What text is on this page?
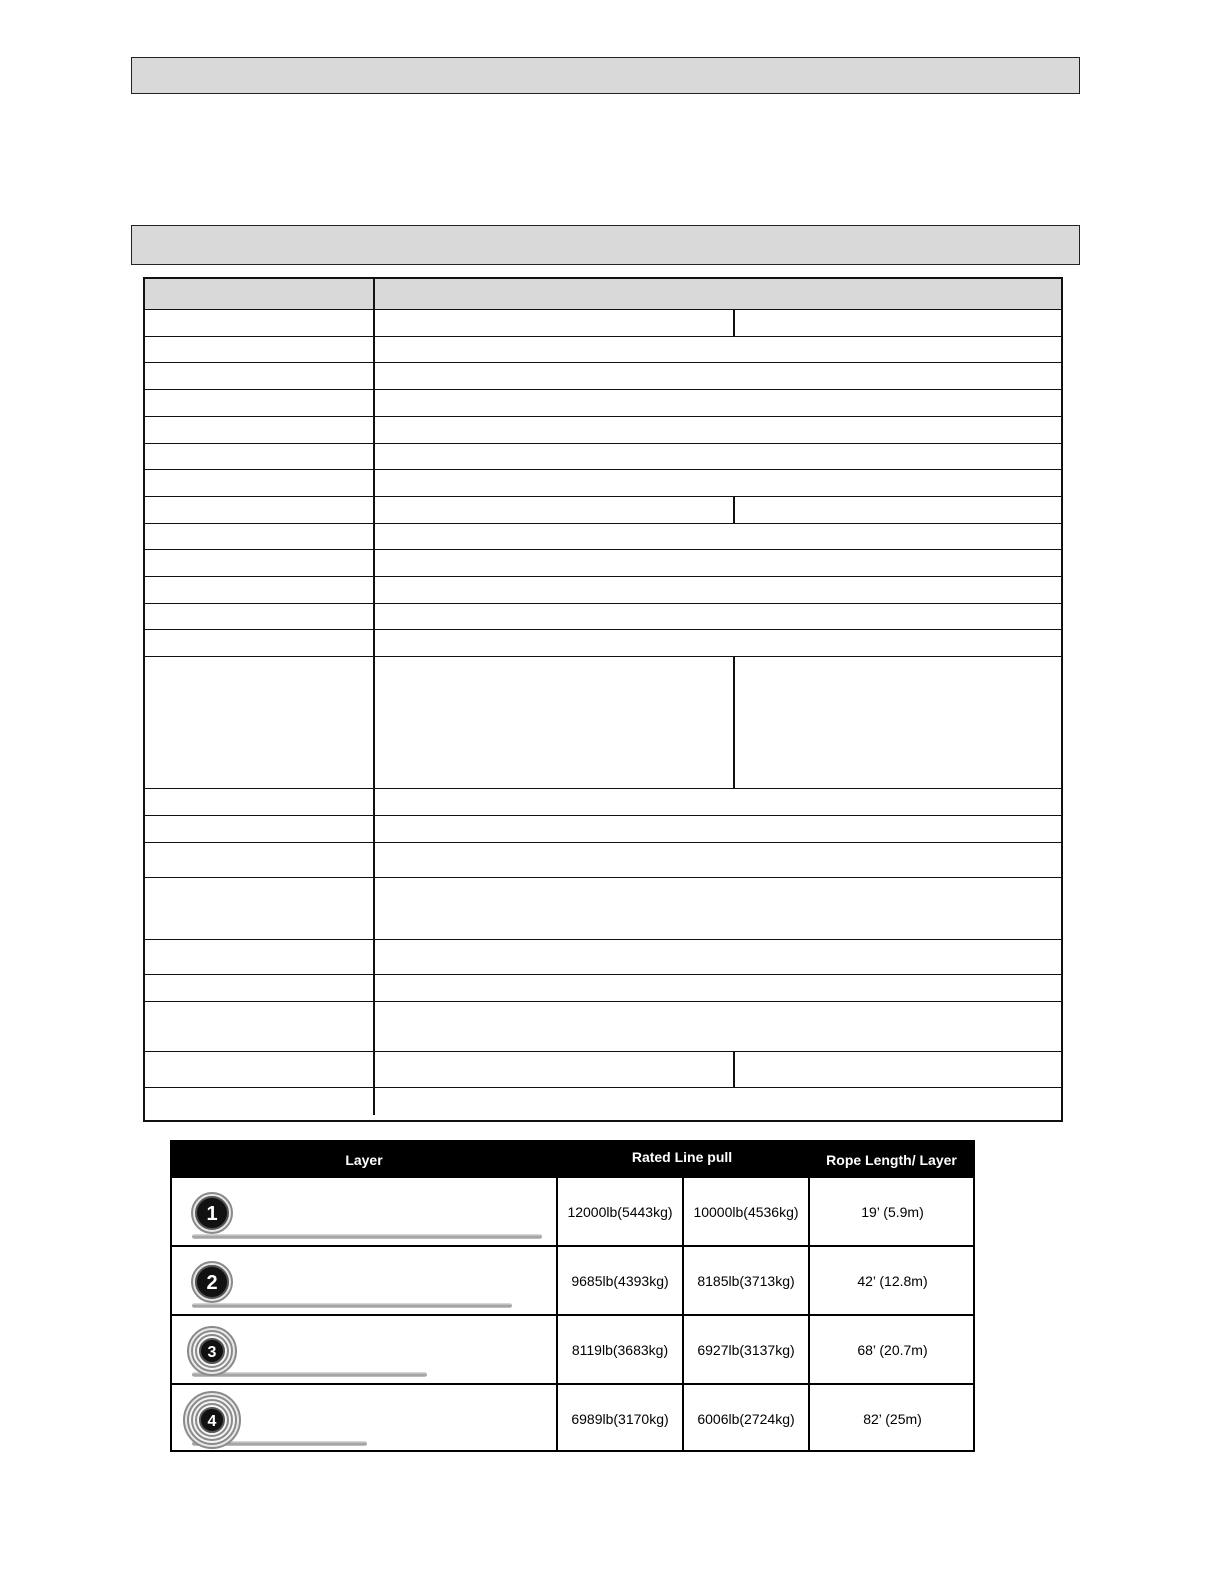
Layer	Rated Line pull	Rope Length/ Layer
1	12000lb(5443kg)	10000lb(4536kg)	19’ (5.9m)
2	9685lb(4393kg)	8185lb(3713kg)	42’ (12.8m)
3	8119lb(3683kg)	6927lb(3137kg)	68’ (20.7m)
4	6989lb(3170kg)	6006lb(2724kg)	82’ (25m)
